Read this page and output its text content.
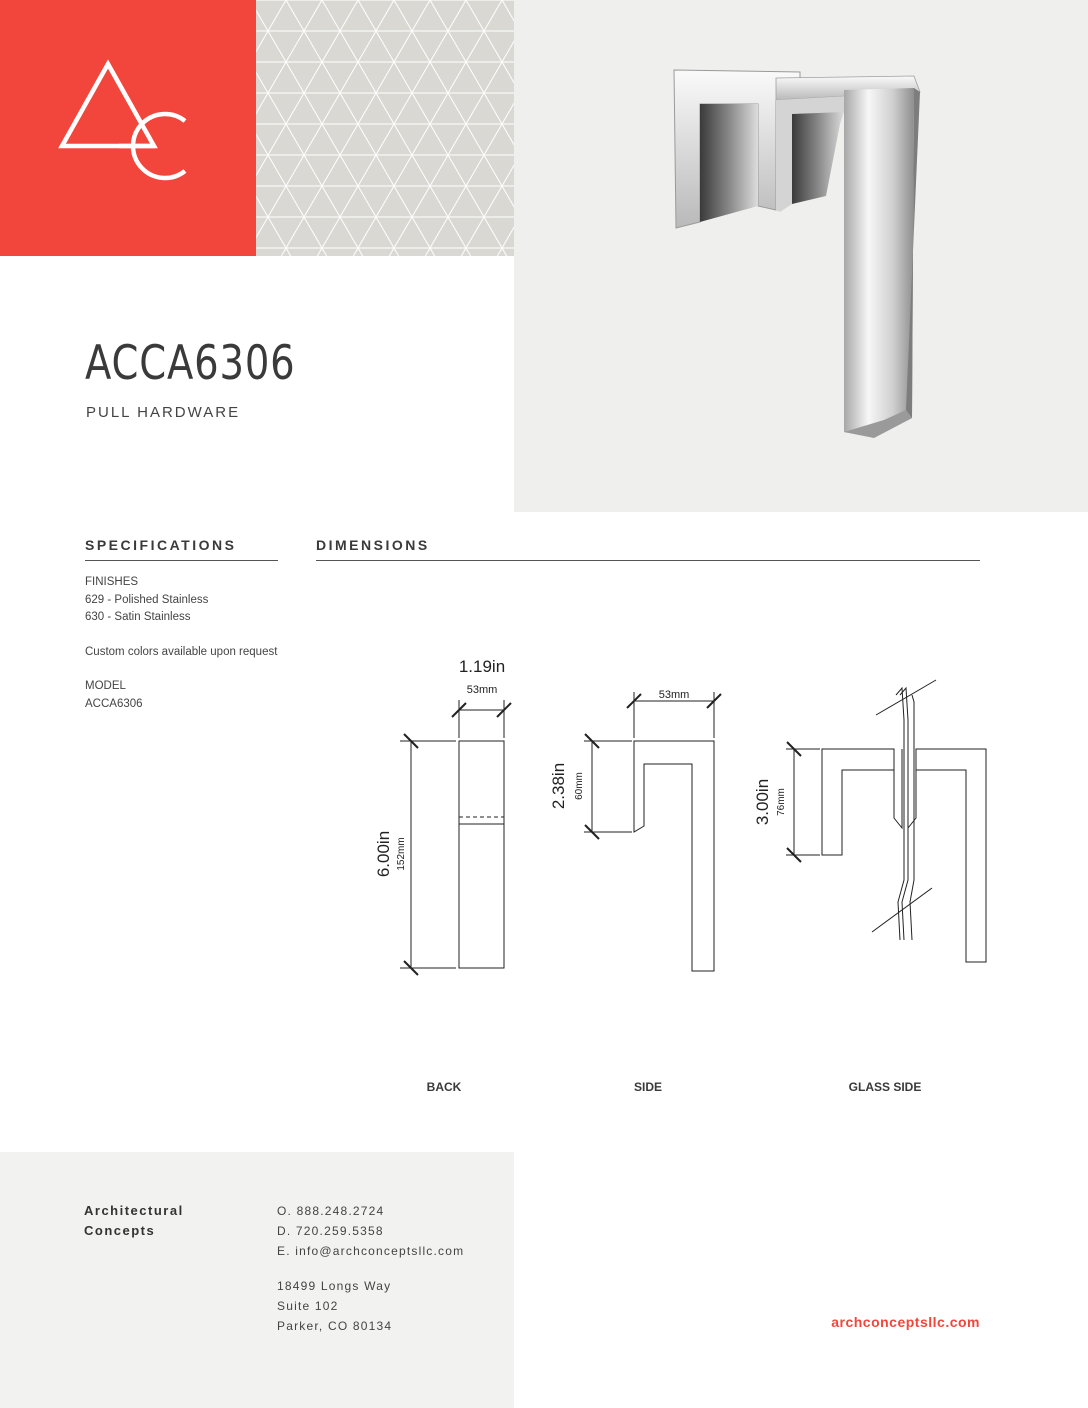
ACCA6306
PULL HARDWARE
SPECIFICATIONS	DIMENSIONS
FINISHES
629 - Polished Stainless
630 - Satin Stainless
Custom colors available upon request
MODEL
ACCA6306
1.19in
53mm
6.00in 152mm
53mm
2.38in 60mm	3.00in 76mm
BACK	SIDE	GLASS SIDE
Architectural
Concepts
O. 888.248.2724
D. 720.259.5358
E. info@archconceptsllc.com
18499 Longs Way
Suite 102
Parker, CO 80134	archconceptsllc.com
